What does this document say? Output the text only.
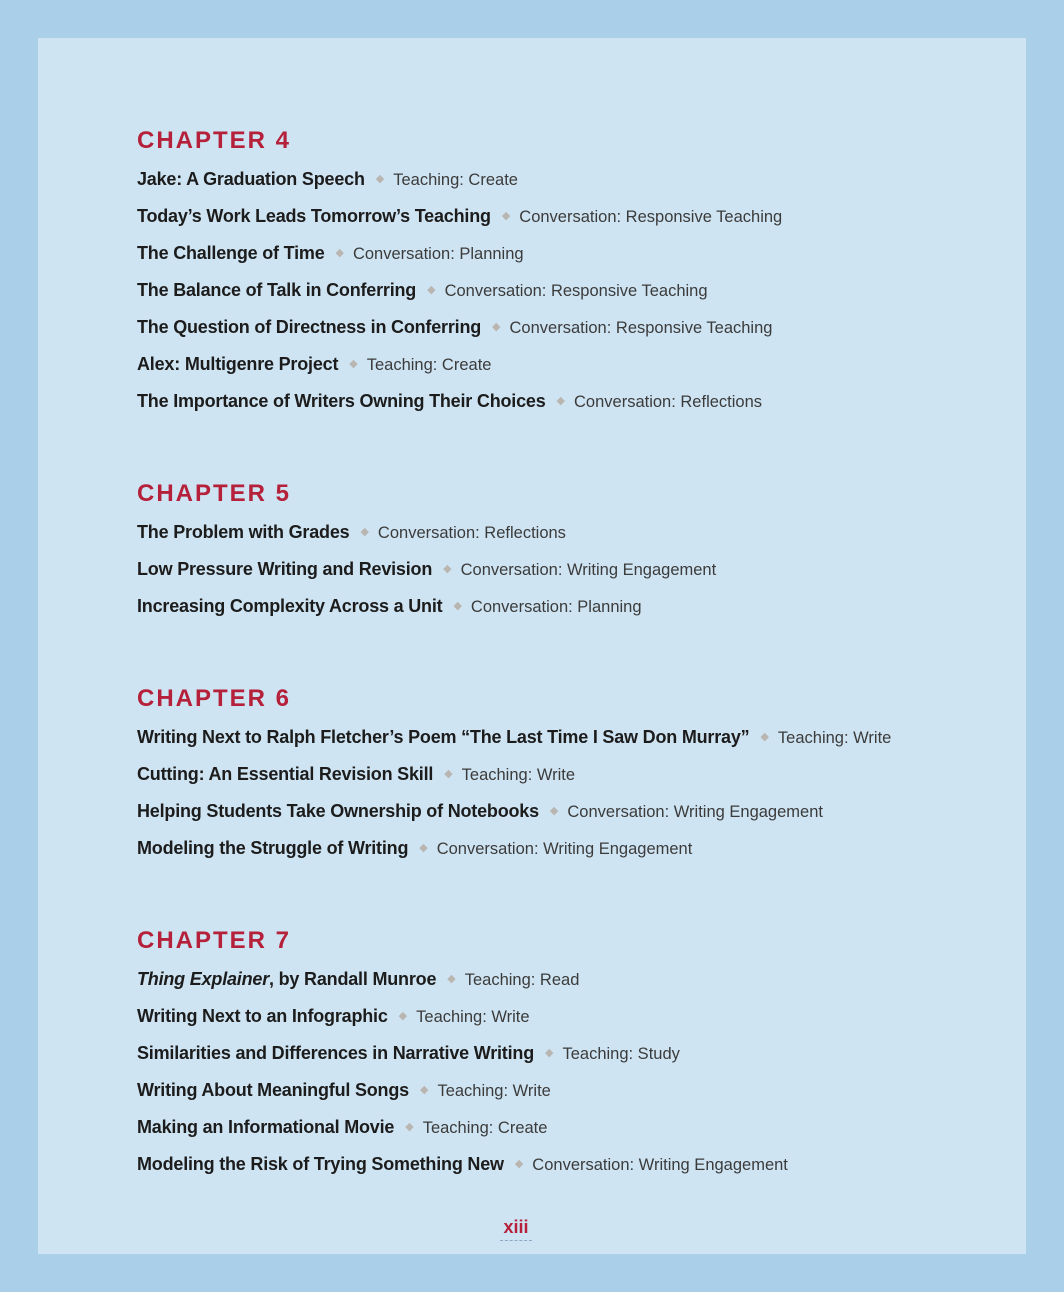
CHAPTER 4
Jake: A Graduation Speech ◆ Teaching: Create
Today’s Work Leads Tomorrow’s Teaching ◆ Conversation: Responsive Teaching
The Challenge of Time ◆ Conversation: Planning
The Balance of Talk in Conferring ◆ Conversation: Responsive Teaching
The Question of Directness in Conferring ◆ Conversation: Responsive Teaching
Alex: Multigenre Project ◆ Teaching: Create
The Importance of Writers Owning Their Choices ◆ Conversation: Reflections
CHAPTER 5
The Problem with Grades ◆ Conversation: Reflections
Low Pressure Writing and Revision ◆ Conversation: Writing Engagement
Increasing Complexity Across a Unit ◆ Conversation: Planning
CHAPTER 6
Writing Next to Ralph Fletcher’s Poem “The Last Time I Saw Don Murray” ◆ Teaching: Write
Cutting: An Essential Revision Skill ◆ Teaching: Write
Helping Students Take Ownership of Notebooks ◆ Conversation: Writing Engagement
Modeling the Struggle of Writing ◆ Conversation: Writing Engagement
CHAPTER 7
Thing Explainer, by Randall Munroe ◆ Teaching: Read
Writing Next to an Infographic ◆ Teaching: Write
Similarities and Differences in Narrative Writing ◆ Teaching: Study
Writing About Meaningful Songs ◆ Teaching: Write
Making an Informational Movie ◆ Teaching: Create
Modeling the Risk of Trying Something New ◆ Conversation: Writing Engagement
xiii
